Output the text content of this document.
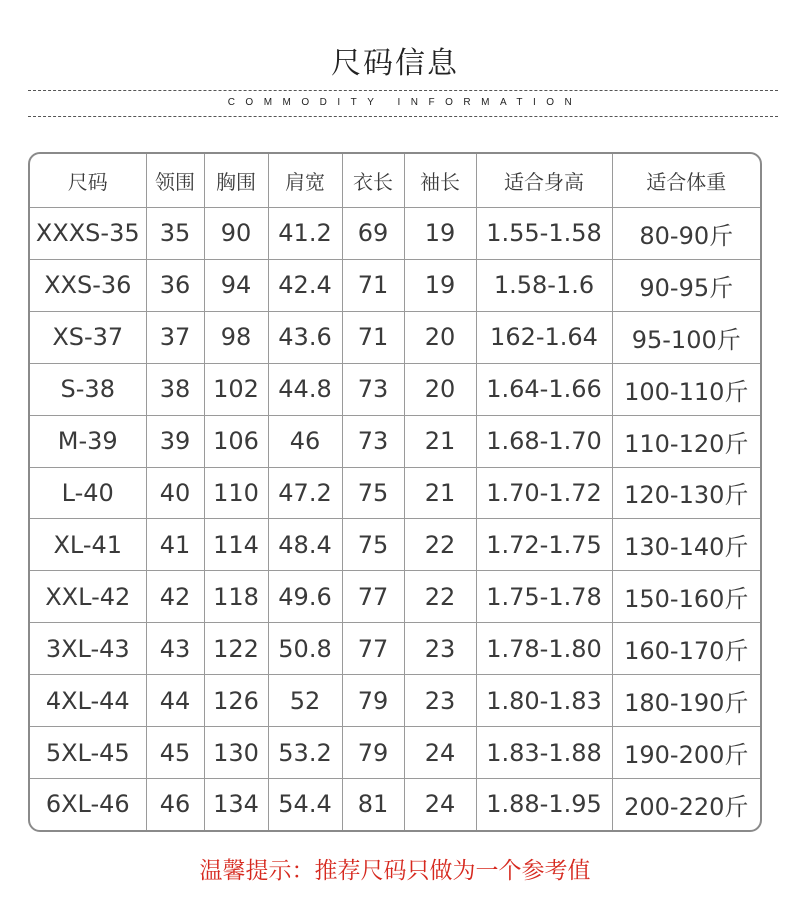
尺码信息
COMMODITY INFORMATION
尺码	领围	胸围	肩宽	衣长	袖长	适合身高	适合体重
XXXS-35	35	90	41.2	69	19	1.55-1.58	80-90斤
XXS-36	36	94	42.4	71	19	1.58-1.6	90-95斤
XS-37	37	98	43.6	71	20	162-1.64	95-100斤
S-38	38	102	44.8	73	20	1.64-1.66	100-110斤
M-39	39	106	46	73	21	1.68-1.70	110-120斤
L-40	40	110	47.2	75	21	1.70-1.72	120-130斤
XL-41	41	114	48.4	75	22	1.72-1.75	130-140斤
XXL-42	42	118	49.6	77	22	1.75-1.78	150-160斤
3XL-43	43	122	50.8	77	23	1.78-1.80	160-170斤
4XL-44	44	126	52	79	23	1.80-1.83	180-190斤
5XL-45	45	130	53.2	79	24	1.83-1.88	190-200斤
6XL-46	46	134	54.4	81	24	1.88-1.95	200-220斤
温馨提示：推荐尺码只做为一个参考值
